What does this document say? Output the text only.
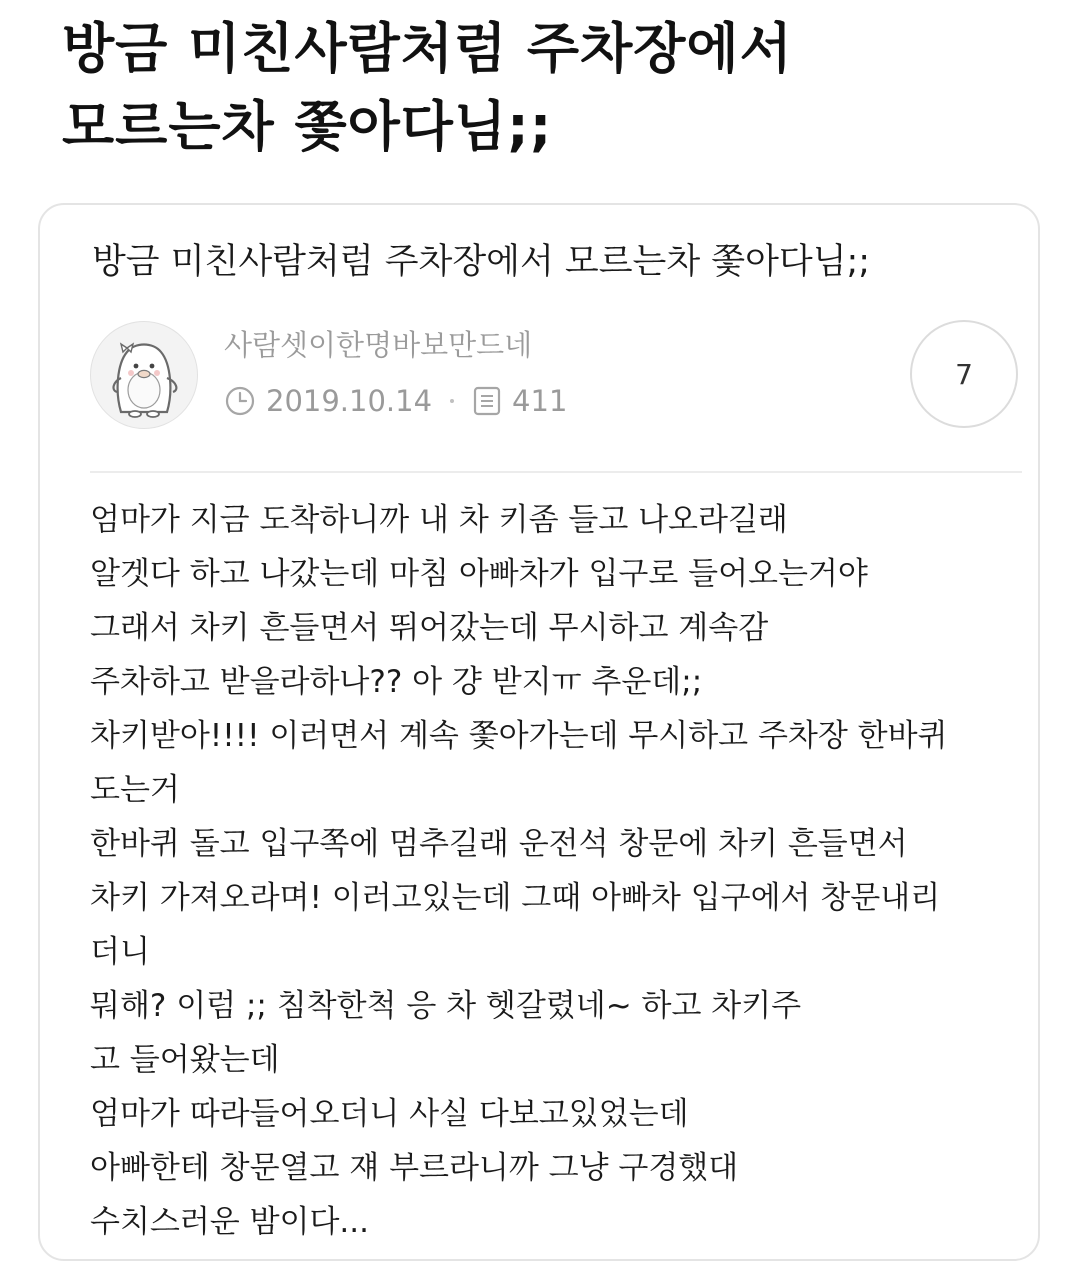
방금 미친사람처럼 주차장에서
모르는차 쫓아다님;;
방금 미친사람처럼 주차장에서 모르는차 쫓아다님;;
사람셋이한명바보만드네
2019.10.14	411
7
엄마가 지금 도착하니까 내 차 키좀 들고 나오라길래
알겟다 하고 나갔는데 마침 아빠차가 입구로 들어오는거야
그래서 차키 흔들면서 뛰어갔는데 무시하고 계속감
주차하고 받을라하나?? 아 걍 받지ㅠ 추운데;;
차키받아!!!! 이러면서 계속 쫓아가는데 무시하고 주차장 한바퀴
도는거
한바퀴 돌고 입구쪽에 멈추길래 운전석 창문에 차키 흔들면서
차키 가져오라며! 이러고있는데 그때 아빠차 입구에서 창문내리
더니
뭐해? 이럼 ;; 침착한척 응 차 헷갈렸네~ 하고 차키주
고 들어왔는데
엄마가 따라들어오더니 사실 다보고있었는데
아빠한테 창문열고 쟤 부르라니까 그냥 구경했대
수치스러운 밤이다...
